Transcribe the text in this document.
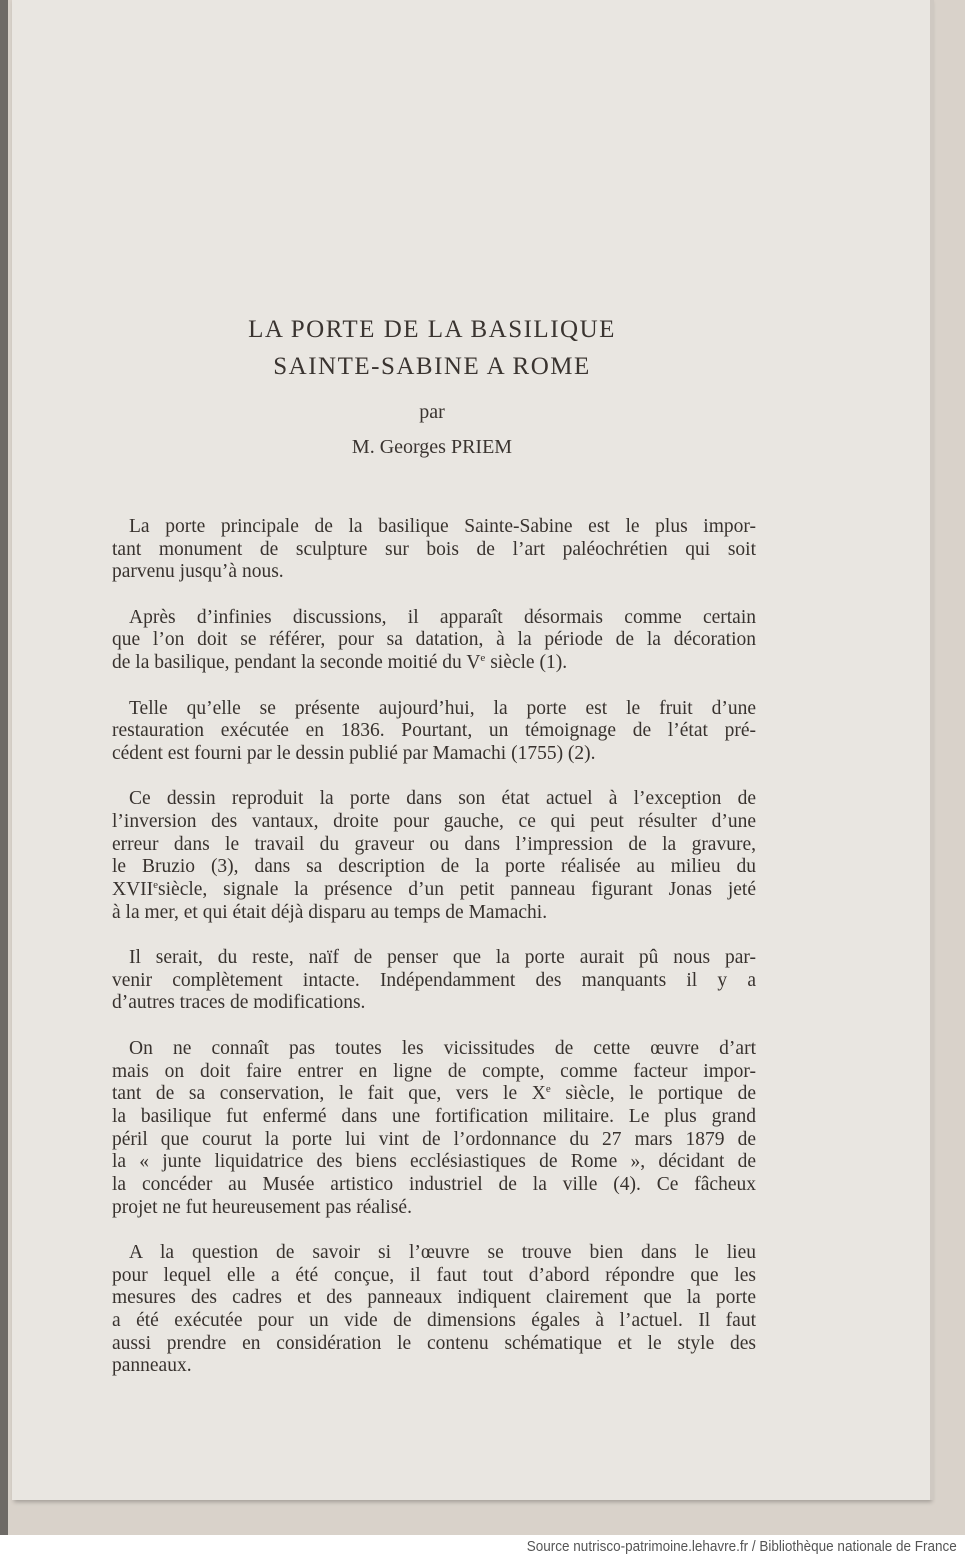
LA PORTE DE LA BASILIQUE
SAINTE-SABINE A ROME
par
M. Georges PRIEM
La porte principale de la basilique Sainte-Sabine est le plus impor-
tant monument de sculpture sur bois de l’art paléochrétien qui soit
parvenu jusqu’à nous.
Après d’infinies discussions, il apparaît désormais comme certain
que l’on doit se référer, pour sa datation, à la période de la décoration
de la basilique, pendant la seconde moitié du Ve siècle (1).
Telle qu’elle se présente aujourd’hui, la porte est le fruit d’une
restauration exécutée en 1836. Pourtant, un témoignage de l’état pré-
cédent est fourni par le dessin publié par Mamachi (1755) (2).
Ce dessin reproduit la porte dans son état actuel à l’exception de
l’inversion des vantaux, droite pour gauche, ce qui peut résulter d’une
erreur dans le travail du graveur ou dans l’impression de la gravure,
le Bruzio (3), dans sa description de la porte réalisée au milieu du
XVIIesiècle, signale la présence d’un petit panneau figurant Jonas jeté
à la mer, et qui était déjà disparu au temps de Mamachi.
Il serait, du reste, naïf de penser que la porte aurait pû nous par-
venir complètement intacte. Indépendamment des manquants il y a
d’autres traces de modifications.
On ne connaît pas toutes les vicissitudes de cette œuvre d’art
mais on doit faire entrer en ligne de compte, comme facteur impor-
tant de sa conservation, le fait que, vers le Xe siècle, le portique de
la basilique fut enfermé dans une fortification militaire. Le plus grand
péril que courut la porte lui vint de l’ordonnance du 27 mars 1879 de
la « junte liquidatrice des biens ecclésiastiques de Rome », décidant de
la concéder au Musée artistico industriel de la ville (4). Ce fâcheux
projet ne fut heureusement pas réalisé.
A la question de savoir si l’œuvre se trouve bien dans le lieu
pour lequel elle a été conçue, il faut tout d’abord répondre que les
mesures des cadres et des panneaux indiquent clairement que la porte
a été exécutée pour un vide de dimensions égales à l’actuel. Il faut
aussi prendre en considération le contenu schématique et le style des
panneaux.
Source nutrisco-patrimoine.lehavre.fr / Bibliothèque nationale de France
